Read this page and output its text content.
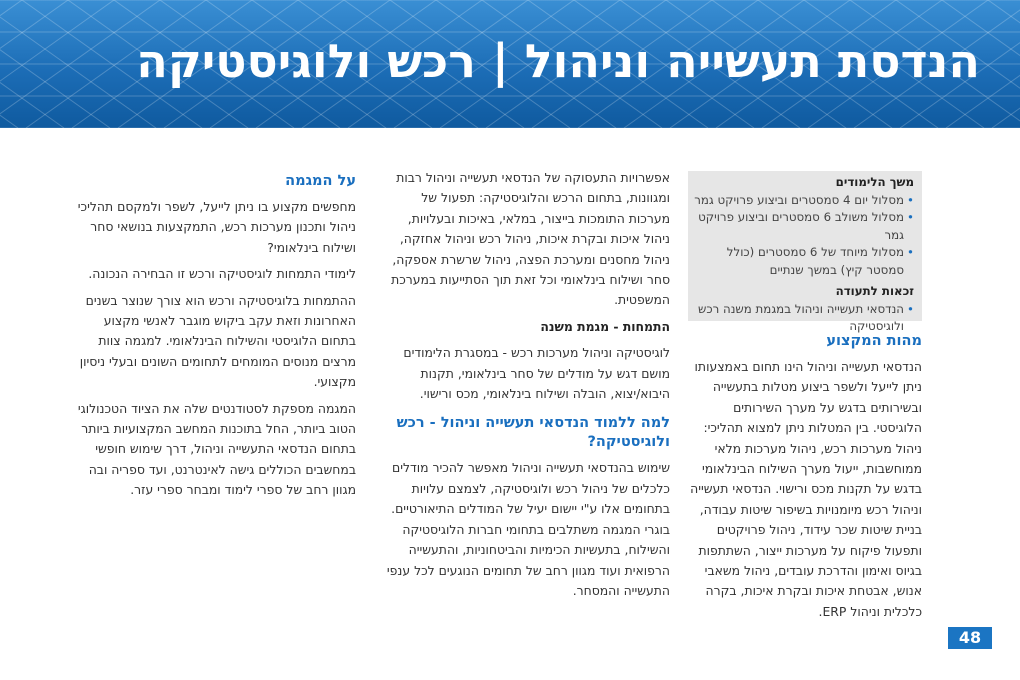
הנדסת תעשייה וניהול | רכש ולוגיסטיקה

משך הלימודים

• מסלול יום 4 סמסטרים וביצוע פרויקט גמר
• מסלול משולב 6 סמסטרים וביצוע פרויקט גמר
• מסלול מיוחד של 6 סמסטרים (כולל סמסטר קיץ) במשך שנתיים

זכאות לתעודה

• הנדסאי תעשייה וניהול במגמת משנה רכש ולוגיסטיקה

מהות המקצוע

הנדסאי תעשייה וניהול הינו תחום באמצעותו ניתן לייעל ולשפר ביצוע מטלות בתעשייה ובשירותים בדגש על מערך השירותים הלוגיסטי. בין המטלות ניתן למצוא תהליכי: ניהול מערכות רכש, ניהול מערכות מלאי ממוחשבות, ייעול מערך השילוח הבינלאומי בדגש על תקנות מכס ורישוי. הנדסאי תעשייה וניהול רכש מיומנויות בשיפור שיטות עבודה, בניית שיטות שכר עידוד, ניהול פרויקטים ותפעול פיקוח על מערכות ייצור, השתתפות בגיוס ואימון והדרכת עובדים, ניהול משאבי אנוש, אבטחת איכות ובקרת איכות, בקרה כלכלית וניהול ERP.

אפשרויות התעסוקה של הנדסאי תעשייה וניהול רבות ומגוונות, בתחום הרכש והלוגיסטיקה: תפעול של מערכות התומכות בייצור, במלאי, באיכות ובעלויות, ניהול איכות ובקרת איכות, ניהול רכש וניהול אחזקה, ניהול מחסנים ומערכת הפצה, ניהול שרשרת אספקה, סחר ושילוח בינלאומי וכל זאת תוך הסתייעות במערכת המשפטית.

התמחות - מגמת משנה

לוגיסטיקה וניהול מערכות רכש - במסגרת הלימודים מושם דגש על מודלים של סחר בינלאומי, תקנות היבוא/יצוא, הובלה ושילוח בינלאומי, מכס ורישוי.

למה ללמוד הנדסאי תעשייה וניהול - רכש ולוגיסטיקה?

שימוש בהנדסאי תעשייה וניהול מאפשר להכיר מודלים כלכלים של ניהול רכש ולוגיסטיקה, לצמצם עלויות בתחומים אלו ע"י יישום יעיל של המודלים התיאורטיים. בוגרי המגמה משתלבים בתחומי חברות הלוגיסטיקה והשילוח, בתעשיות הכימיות והביטחוניות, והתעשייה הרפואית ועוד מגוון רחב של תחומים הנוגעים לכל ענפי התעשייה והמסחר.

על המגמה

מחפשים מקצוע בו ניתן לייעל, לשפר ולמקסם תהליכי ניהול ותכנון מערכות רכש, התמקצעות בנושאי סחר ושילוח בינלאומי?

לימודי התמחות לוגיסטיקה ורכש זו הבחירה הנכונה.

ההתמחות בלוגיסטיקה ורכש הוא צורך שנוצר בשנים האחרונות וזאת עקב ביקוש מוגבר לאנשי מקצוע בתחום הלוגיסטי והשילוח הבינלאומי. למגמה צוות מרצים מנוסים המומחים לתחומים השונים ובעלי ניסיון מקצועי.

המגמה מספקת לסטודנטים שלה את הציוד הטכנולוגי הטוב ביותר, החל בתוכנות המחשב המקצועיות ביותר בתחום הנדסאי התעשייה וניהול, דרך שימוש חופשי במחשבים הכוללים גישה לאינטרנט, ועד ספריה ובה מגוון רחב של ספרי לימוד ומבחר ספרי עזר.

48
